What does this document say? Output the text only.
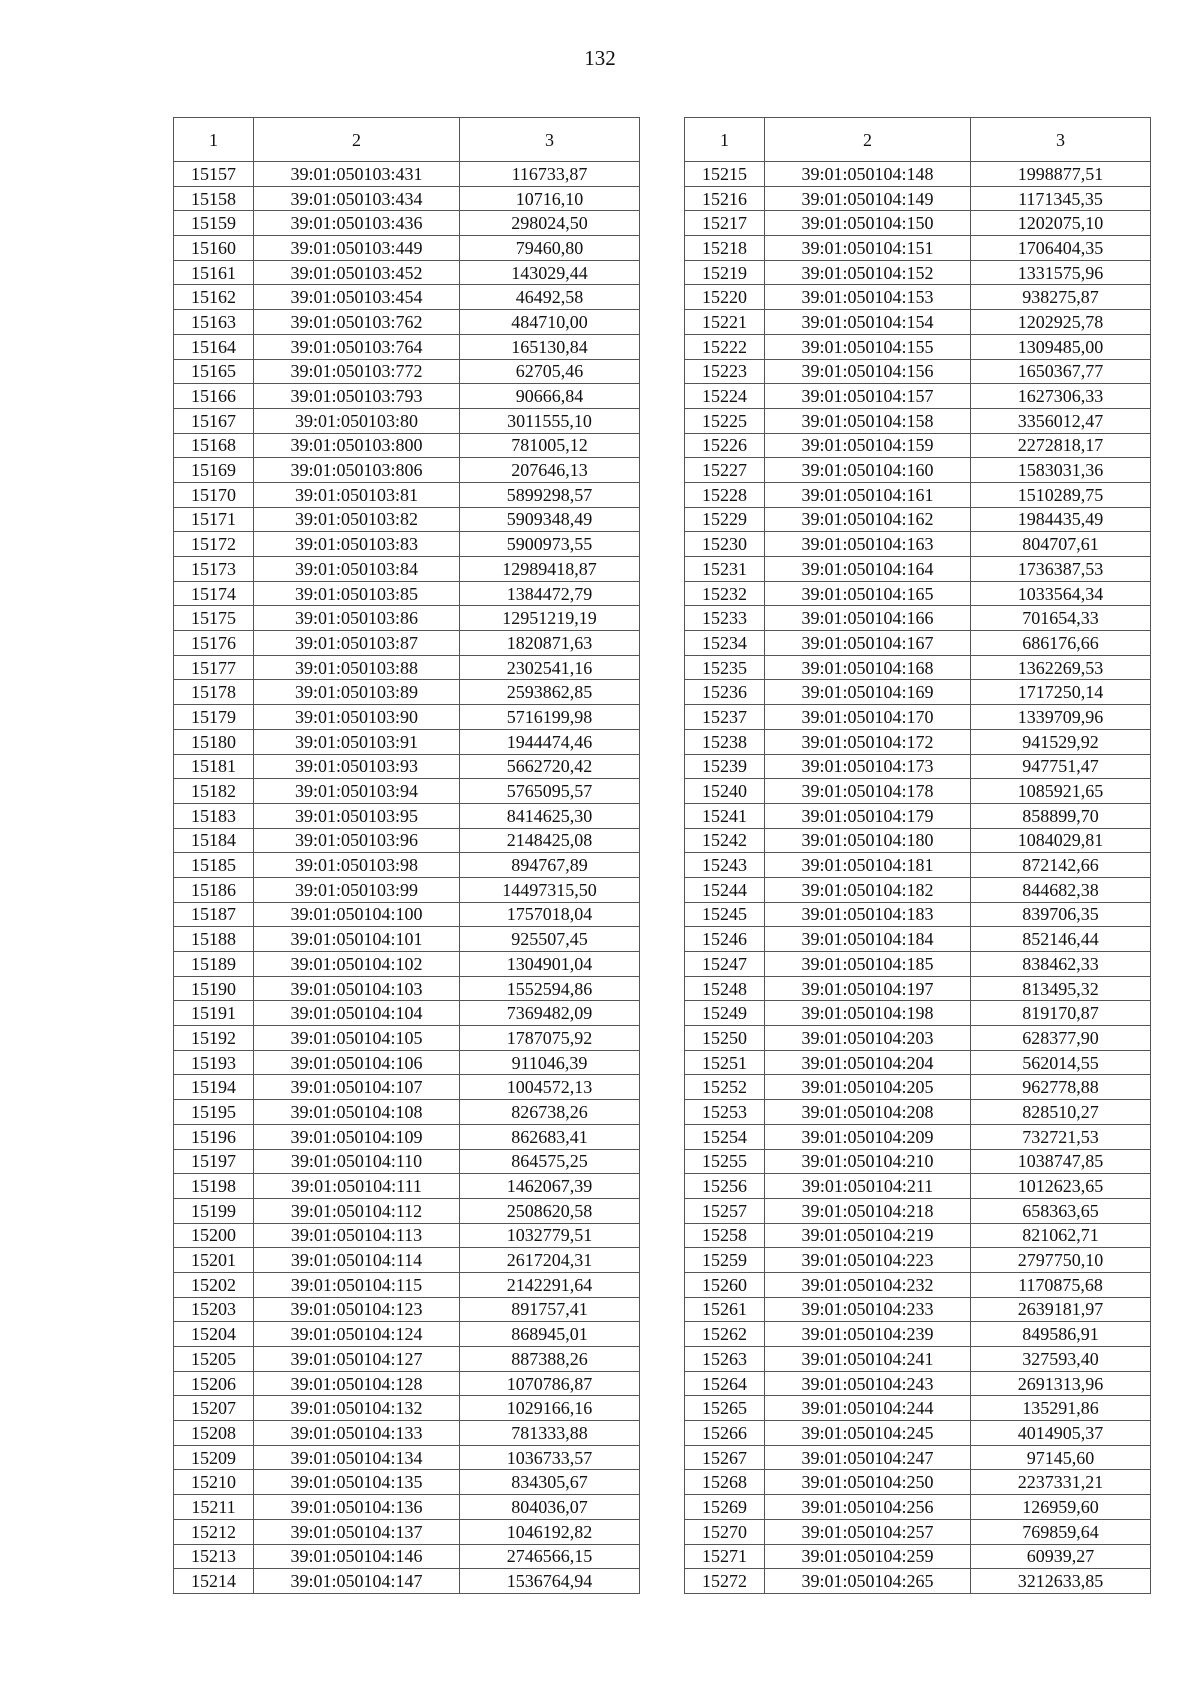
132
1	2	3
15157	39:01:050103:431	116733,87
15158	39:01:050103:434	10716,10
15159	39:01:050103:436	298024,50
15160	39:01:050103:449	79460,80
15161	39:01:050103:452	143029,44
15162	39:01:050103:454	46492,58
15163	39:01:050103:762	484710,00
15164	39:01:050103:764	165130,84
15165	39:01:050103:772	62705,46
15166	39:01:050103:793	90666,84
15167	39:01:050103:80	3011555,10
15168	39:01:050103:800	781005,12
15169	39:01:050103:806	207646,13
15170	39:01:050103:81	5899298,57
15171	39:01:050103:82	5909348,49
15172	39:01:050103:83	5900973,55
15173	39:01:050103:84	12989418,87
15174	39:01:050103:85	1384472,79
15175	39:01:050103:86	12951219,19
15176	39:01:050103:87	1820871,63
15177	39:01:050103:88	2302541,16
15178	39:01:050103:89	2593862,85
15179	39:01:050103:90	5716199,98
15180	39:01:050103:91	1944474,46
15181	39:01:050103:93	5662720,42
15182	39:01:050103:94	5765095,57
15183	39:01:050103:95	8414625,30
15184	39:01:050103:96	2148425,08
15185	39:01:050103:98	894767,89
15186	39:01:050103:99	14497315,50
15187	39:01:050104:100	1757018,04
15188	39:01:050104:101	925507,45
15189	39:01:050104:102	1304901,04
15190	39:01:050104:103	1552594,86
15191	39:01:050104:104	7369482,09
15192	39:01:050104:105	1787075,92
15193	39:01:050104:106	911046,39
15194	39:01:050104:107	1004572,13
15195	39:01:050104:108	826738,26
15196	39:01:050104:109	862683,41
15197	39:01:050104:110	864575,25
15198	39:01:050104:111	1462067,39
15199	39:01:050104:112	2508620,58
15200	39:01:050104:113	1032779,51
15201	39:01:050104:114	2617204,31
15202	39:01:050104:115	2142291,64
15203	39:01:050104:123	891757,41
15204	39:01:050104:124	868945,01
15205	39:01:050104:127	887388,26
15206	39:01:050104:128	1070786,87
15207	39:01:050104:132	1029166,16
15208	39:01:050104:133	781333,88
15209	39:01:050104:134	1036733,57
15210	39:01:050104:135	834305,67
15211	39:01:050104:136	804036,07
15212	39:01:050104:137	1046192,82
15213	39:01:050104:146	2746566,15
15214	39:01:050104:147	1536764,94
1	2	3
15215	39:01:050104:148	1998877,51
15216	39:01:050104:149	1171345,35
15217	39:01:050104:150	1202075,10
15218	39:01:050104:151	1706404,35
15219	39:01:050104:152	1331575,96
15220	39:01:050104:153	938275,87
15221	39:01:050104:154	1202925,78
15222	39:01:050104:155	1309485,00
15223	39:01:050104:156	1650367,77
15224	39:01:050104:157	1627306,33
15225	39:01:050104:158	3356012,47
15226	39:01:050104:159	2272818,17
15227	39:01:050104:160	1583031,36
15228	39:01:050104:161	1510289,75
15229	39:01:050104:162	1984435,49
15230	39:01:050104:163	804707,61
15231	39:01:050104:164	1736387,53
15232	39:01:050104:165	1033564,34
15233	39:01:050104:166	701654,33
15234	39:01:050104:167	686176,66
15235	39:01:050104:168	1362269,53
15236	39:01:050104:169	1717250,14
15237	39:01:050104:170	1339709,96
15238	39:01:050104:172	941529,92
15239	39:01:050104:173	947751,47
15240	39:01:050104:178	1085921,65
15241	39:01:050104:179	858899,70
15242	39:01:050104:180	1084029,81
15243	39:01:050104:181	872142,66
15244	39:01:050104:182	844682,38
15245	39:01:050104:183	839706,35
15246	39:01:050104:184	852146,44
15247	39:01:050104:185	838462,33
15248	39:01:050104:197	813495,32
15249	39:01:050104:198	819170,87
15250	39:01:050104:203	628377,90
15251	39:01:050104:204	562014,55
15252	39:01:050104:205	962778,88
15253	39:01:050104:208	828510,27
15254	39:01:050104:209	732721,53
15255	39:01:050104:210	1038747,85
15256	39:01:050104:211	1012623,65
15257	39:01:050104:218	658363,65
15258	39:01:050104:219	821062,71
15259	39:01:050104:223	2797750,10
15260	39:01:050104:232	1170875,68
15261	39:01:050104:233	2639181,97
15262	39:01:050104:239	849586,91
15263	39:01:050104:241	327593,40
15264	39:01:050104:243	2691313,96
15265	39:01:050104:244	135291,86
15266	39:01:050104:245	4014905,37
15267	39:01:050104:247	97145,60
15268	39:01:050104:250	2237331,21
15269	39:01:050104:256	126959,60
15270	39:01:050104:257	769859,64
15271	39:01:050104:259	60939,27
15272	39:01:050104:265	3212633,85
